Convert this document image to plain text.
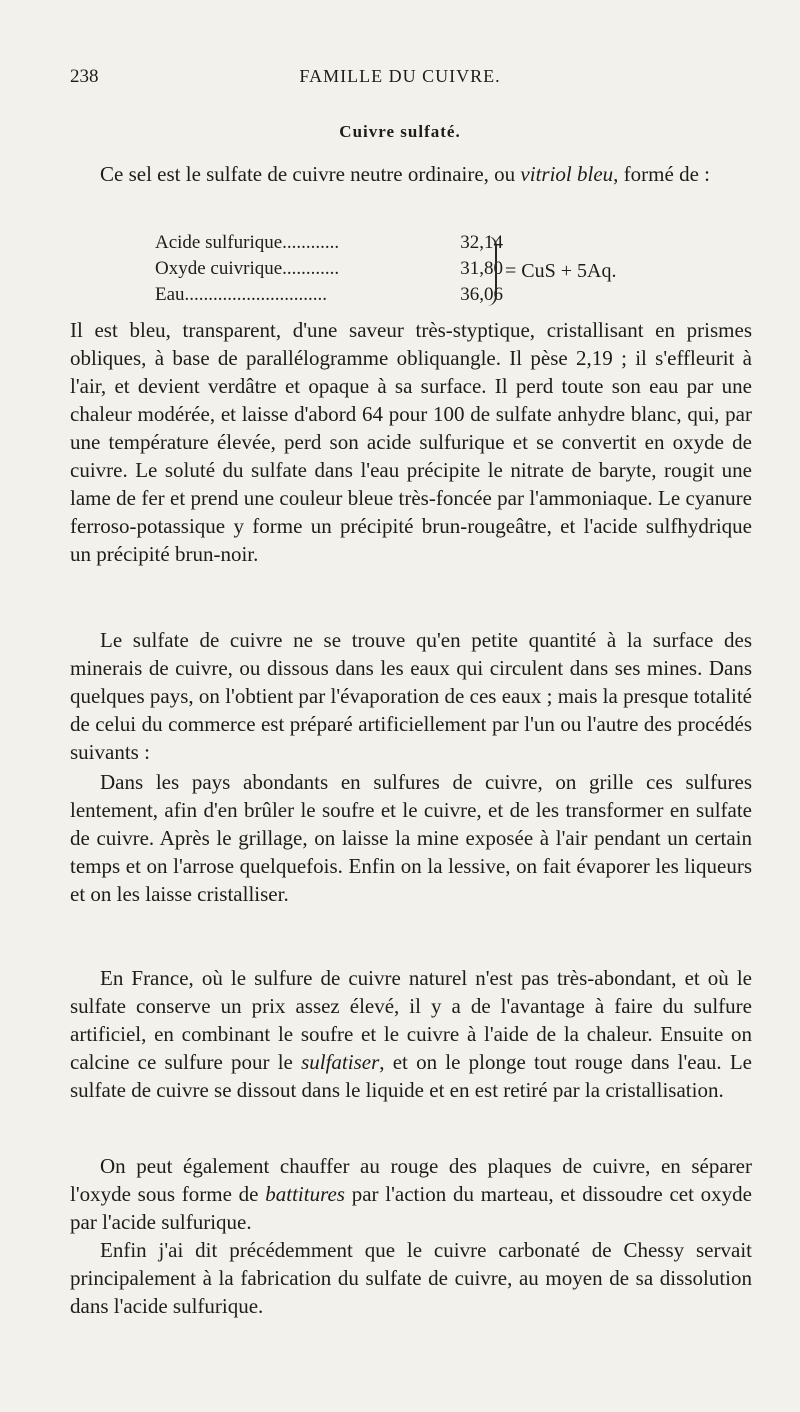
238	FAMILLE DU CUIVRE.
Cuivre sulfaté.

Ce sel est le sulfate de cuivre neutre ordinaire, ou vitriol bleu, formé de :

Acide sulfurique............	32,14
Oxyde cuivrique............	31,80
Eau..............................	36,06
= CuS + 5Aq.

Il est bleu, transparent, d'une saveur très-styptique, cristallisant en prismes obliques, à base de parallélogramme obliquangle. Il pèse 2,19 ; il s'effleurit à l'air, et devient verdâtre et opaque à sa surface. Il perd toute son eau par une chaleur modérée, et laisse d'abord 64 pour 100 de sulfate anhydre blanc, qui, par une température élevée, perd son acide sulfurique et se convertit en oxyde de cuivre. Le soluté du sulfate dans l'eau précipite le nitrate de baryte, rougit une lame de fer et prend une couleur bleue très-foncée par l'ammoniaque. Le cyanure ferroso-potassique y forme un précipité brun-rougeâtre, et l'acide sulfhydrique un précipité brun-noir.

Le sulfate de cuivre ne se trouve qu'en petite quantité à la surface des minerais de cuivre, ou dissous dans les eaux qui circulent dans ses mines. Dans quelques pays, on l'obtient par l'évaporation de ces eaux ; mais la presque totalité de celui du commerce est préparé artificiellement par l'un ou l'autre des procédés suivants :

Dans les pays abondants en sulfures de cuivre, on grille ces sulfures lentement, afin d'en brûler le soufre et le cuivre, et de les transformer en sulfate de cuivre. Après le grillage, on laisse la mine exposée à l'air pendant un certain temps et on l'arrose quelquefois. Enfin on la lessive, on fait évaporer les liqueurs et on les laisse cristalliser.

En France, où le sulfure de cuivre naturel n'est pas très-abondant, et où le sulfate conserve un prix assez élevé, il y a de l'avantage à faire du sulfure artificiel, en combinant le soufre et le cuivre à l'aide de la chaleur. Ensuite on calcine ce sulfure pour le sulfatiser, et on le plonge tout rouge dans l'eau. Le sulfate de cuivre se dissout dans le liquide et en est retiré par la cristallisation.

On peut également chauffer au rouge des plaques de cuivre, en séparer l'oxyde sous forme de battitures par l'action du marteau, et dissoudre cet oxyde par l'acide sulfurique.

Enfin j'ai dit précédemment que le cuivre carbonaté de Chessy servait principalement à la fabrication du sulfate de cuivre, au moyen de sa dissolution dans l'acide sulfurique.
